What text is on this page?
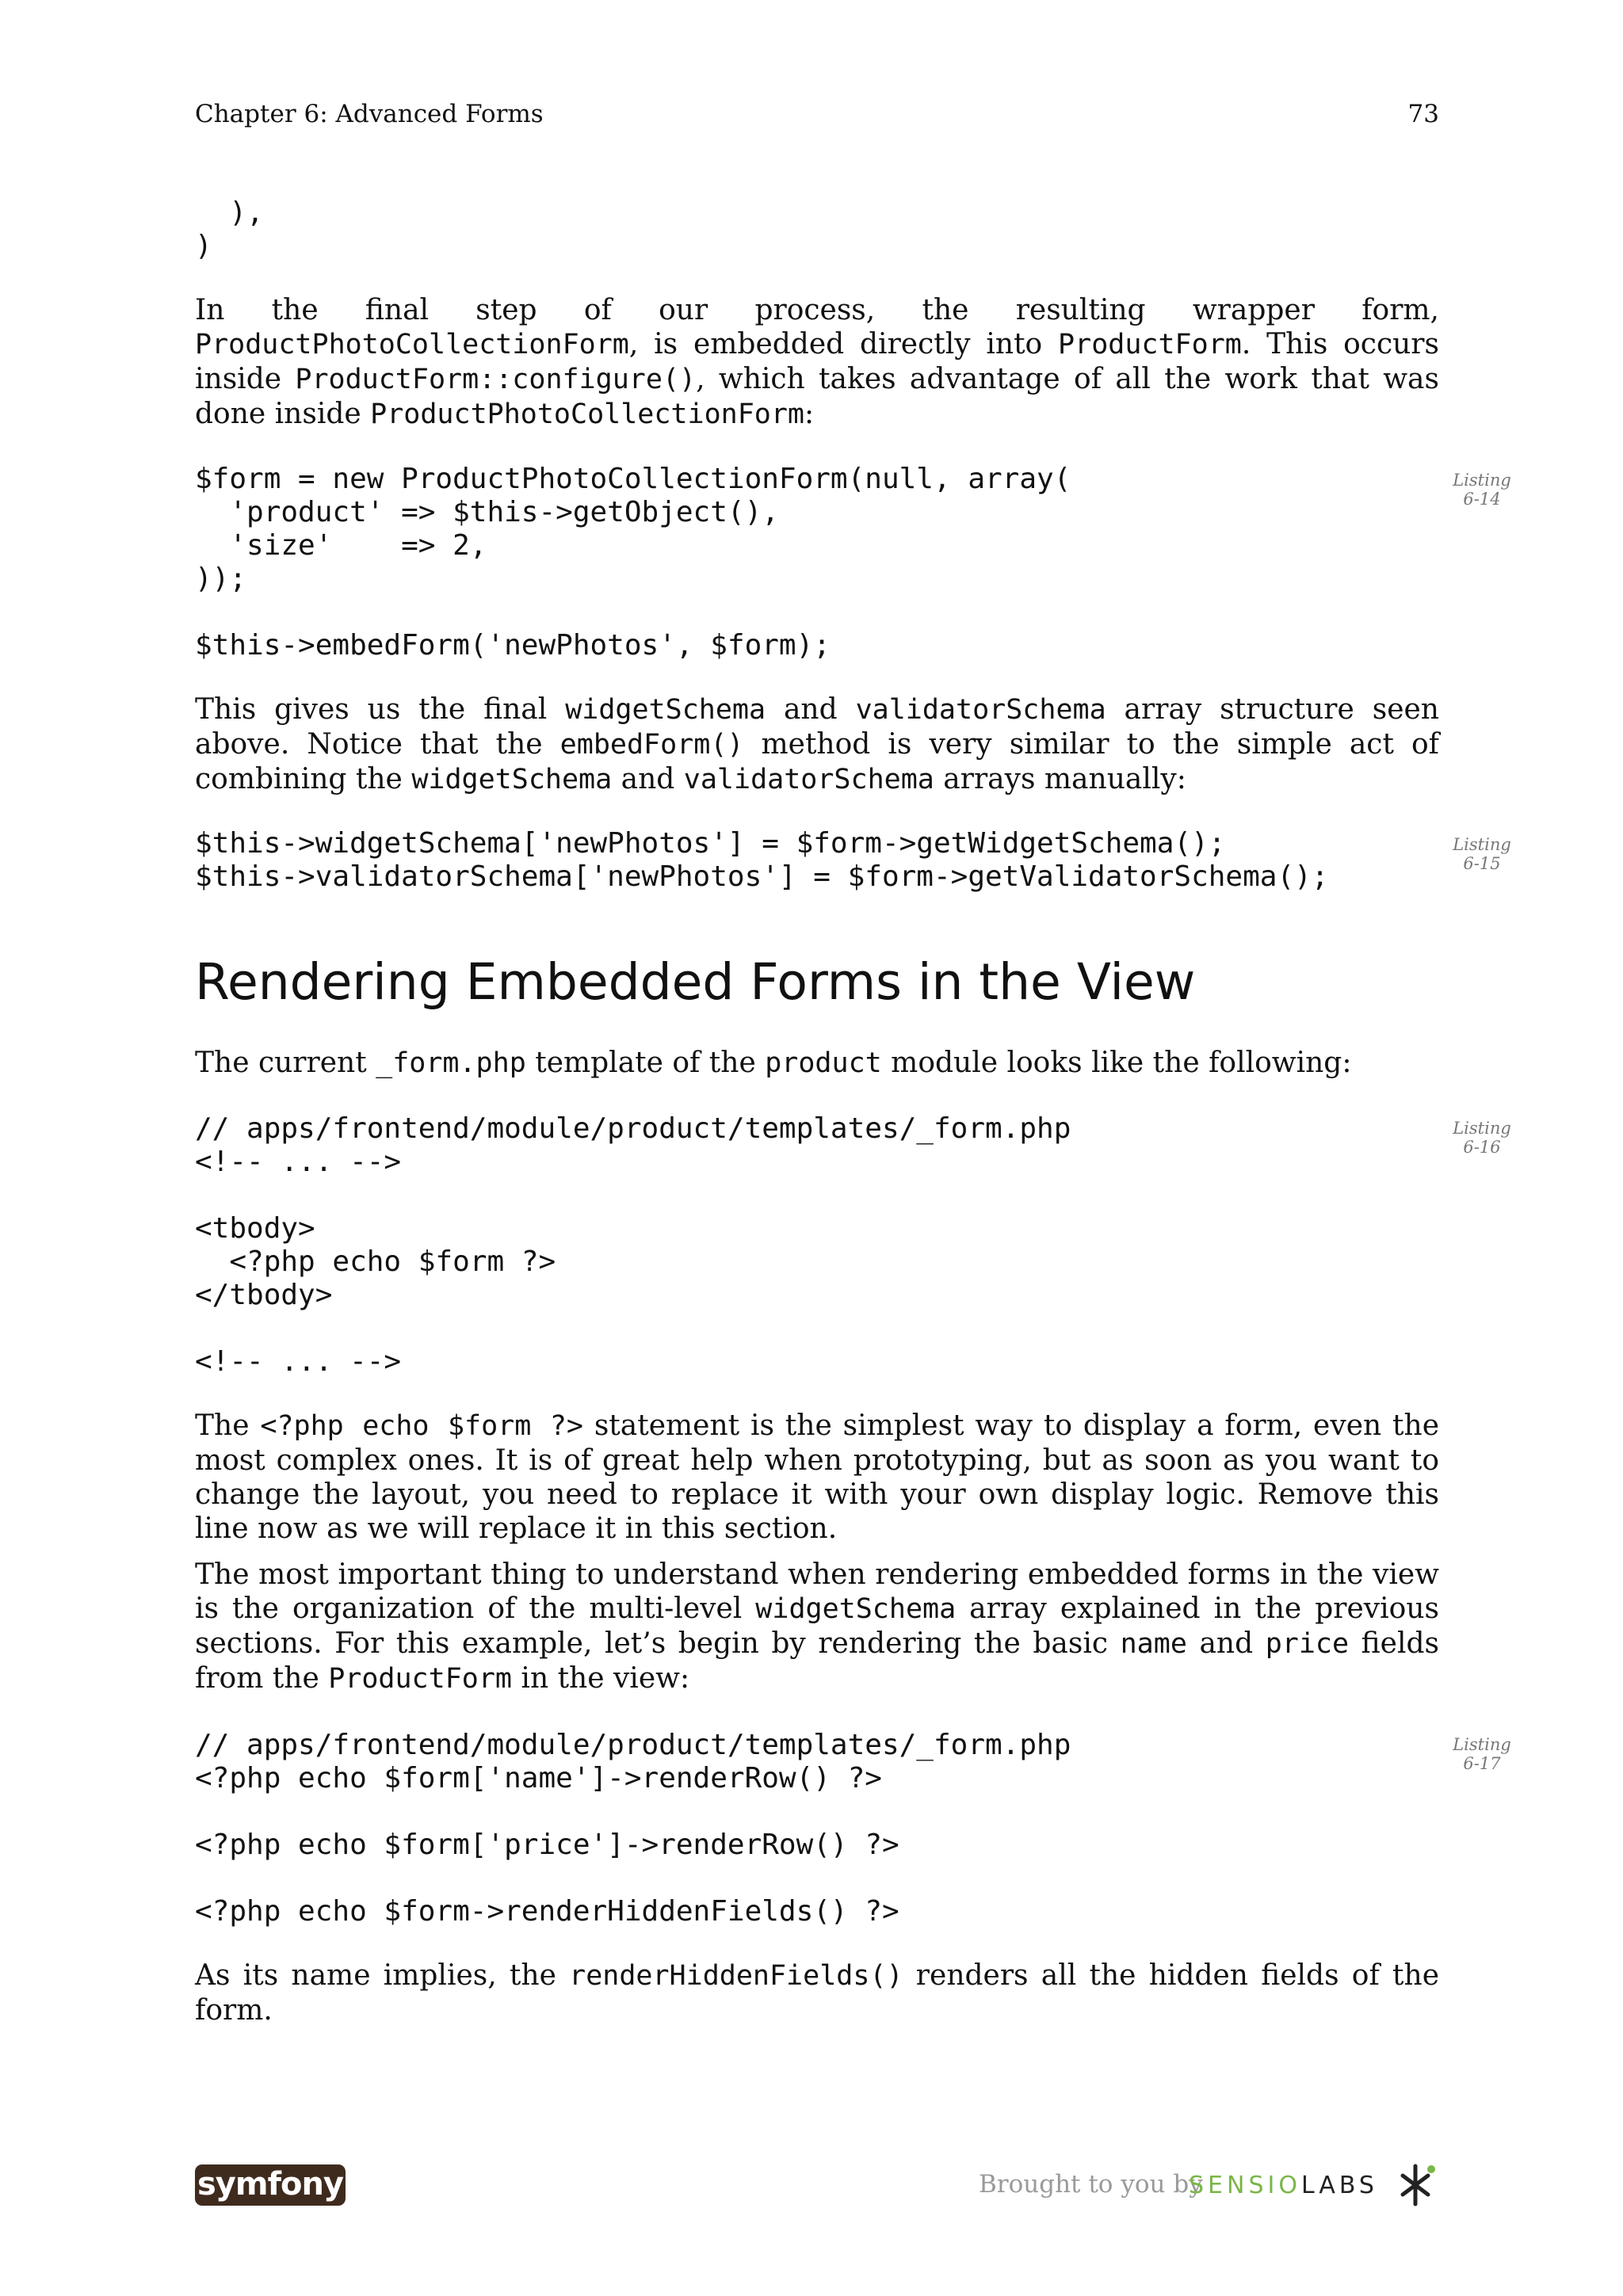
Chapter 6: Advanced Forms	73
),
)

In the final step of our process, the resulting wrapper form, ProductPhotoCollectionForm, is embedded directly into ProductForm. This occurs inside ProductForm::configure(), which takes advantage of all the work that was done inside ProductPhotoCollectionForm:

$form = new ProductPhotoCollectionForm(null, array(
'product' => $this->getObject(),
'size'    => 2,
));

$this->embedForm('newPhotos', $form);
Listing
6-14

This gives us the final widgetSchema and validatorSchema array structure seen above. Notice that the embedForm() method is very similar to the simple act of combining the widgetSchema and validatorSchema arrays manually:

$this->widgetSchema['newPhotos'] = $form->getWidgetSchema();
$this->validatorSchema['newPhotos'] = $form->getValidatorSchema();
Listing
6-15
Rendering Embedded Forms in the View

The current _form.php template of the product module looks like the following:

// apps/frontend/module/product/templates/_form.php
<!-- ... -->

<tbody>
<?php echo $form ?>
</tbody>

<!-- ... -->
Listing
6-16

The <?php echo $form ?> statement is the simplest way to display a form, even the most complex ones. It is of great help when prototyping, but as soon as you want to change the layout, you need to replace it with your own display logic. Remove this line now as we will replace it in this section.

The most important thing to understand when rendering embedded forms in the view is the organization of the multi-level widgetSchema array explained in the previous sections. For this example, let’s begin by rendering the basic name and price fields from the ProductForm in the view:

// apps/frontend/module/product/templates/_form.php
<?php echo $form['name']->renderRow() ?>

<?php echo $form['price']->renderRow() ?>

<?php echo $form->renderHiddenFields() ?>
Listing
6-17

As its name implies, the renderHiddenFields() renders all the hidden fields of the form.

symfony	Brought to you by
SENSIOLABS
